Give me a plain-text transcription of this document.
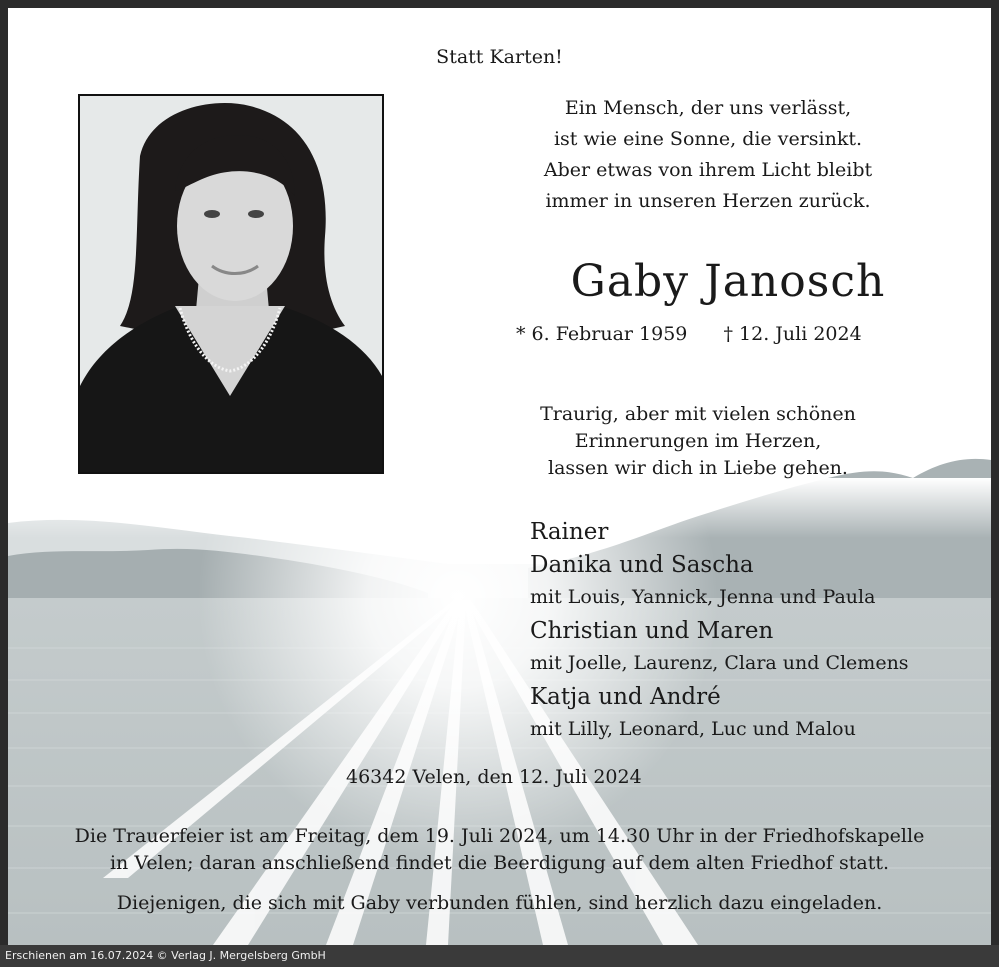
Statt Karten!
Ein Mensch, der uns verlässt,
ist wie eine Sonne, die versinkt.
Aber etwas von ihrem Licht bleibt
immer in unseren Herzen zurück.
Gaby Janosch
* 6. Februar 1959 † 12. Juli 2024
Traurig, aber mit vielen schönen
Erinnerungen im Herzen,
lassen wir dich in Liebe gehen.
Rainer
Danika und Sascha
mit Louis, Yannick, Jenna und Paula
Christian und Maren
mit Joelle, Laurenz, Clara und Clemens
Katja und André
mit Lilly, Leonard, Luc und Malou
46342 Velen, den 12. Juli 2024
Die Trauerfeier ist am Freitag, dem 19. Juli 2024, um 14.30 Uhr in der Friedhofskapelle
in Velen; daran anschließend findet die Beerdigung auf dem alten Friedhof statt.
Diejenigen, die sich mit Gaby verbunden fühlen, sind herzlich dazu eingeladen.
Erschienen am 16.07.2024 © Verlag J. Mergelsberg GmbH
